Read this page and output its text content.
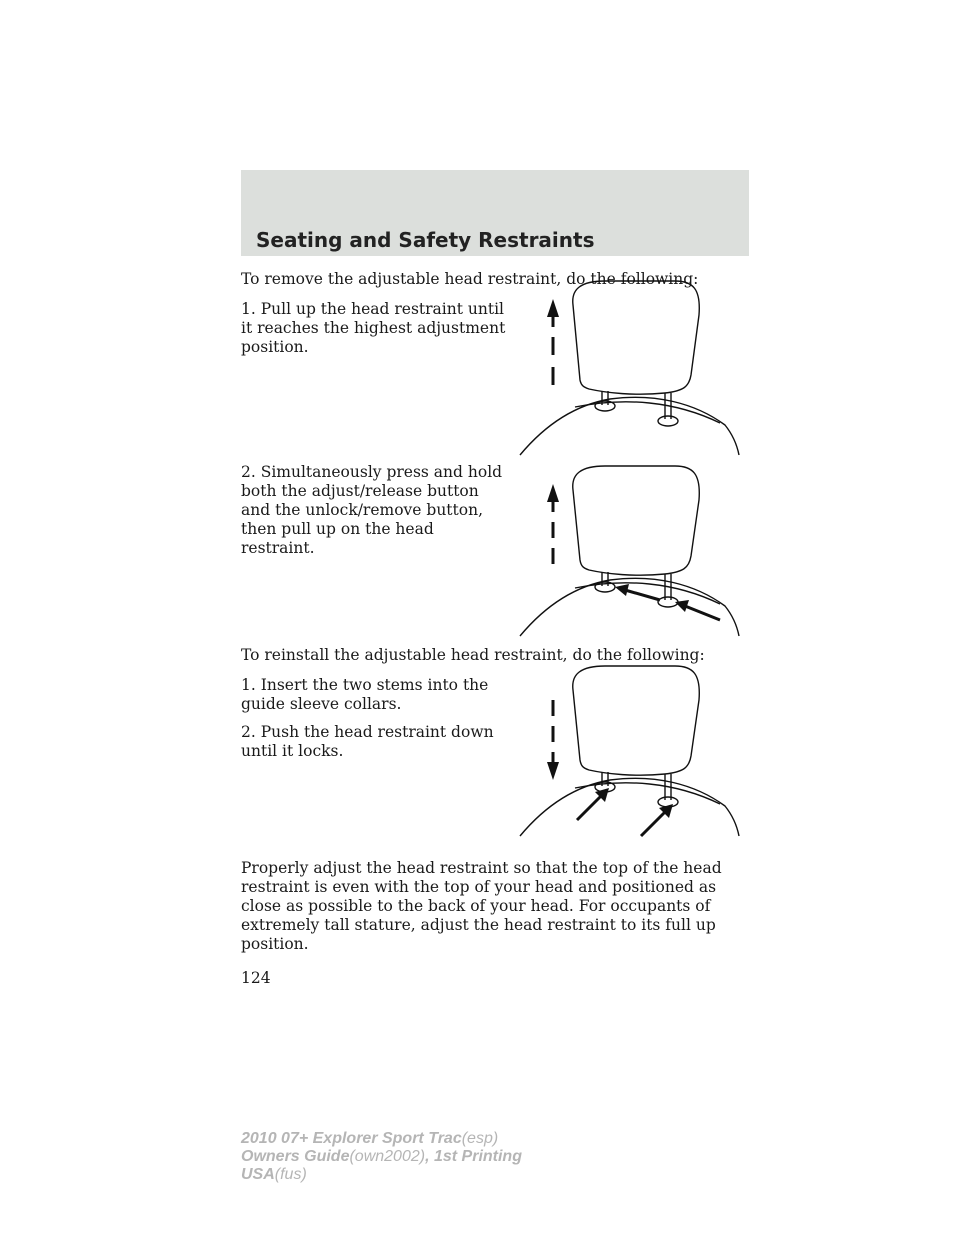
Seating and Safety Restraints

To remove the adjustable head restraint, do the following:

1. Pull up the head restraint until it reaches the highest adjustment position.

2. Simultaneously press and hold both the adjust/release button and the unlock/remove button, then pull up on the head restraint.

To reinstall the adjustable head restraint, do the following:

1. Insert the two stems into the guide sleeve collars.

2. Push the head restraint down until it locks.

Properly adjust the head restraint so that the top of the head restraint is even with the top of your head and positioned as close as possible to the back of your head. For occupants of extremely tall stature, adjust the head restraint to its full up position.

124
2010 07+ Explorer Sport Trac(esp)
Owners Guide(own2002), 1st Printing
USA(fus)
